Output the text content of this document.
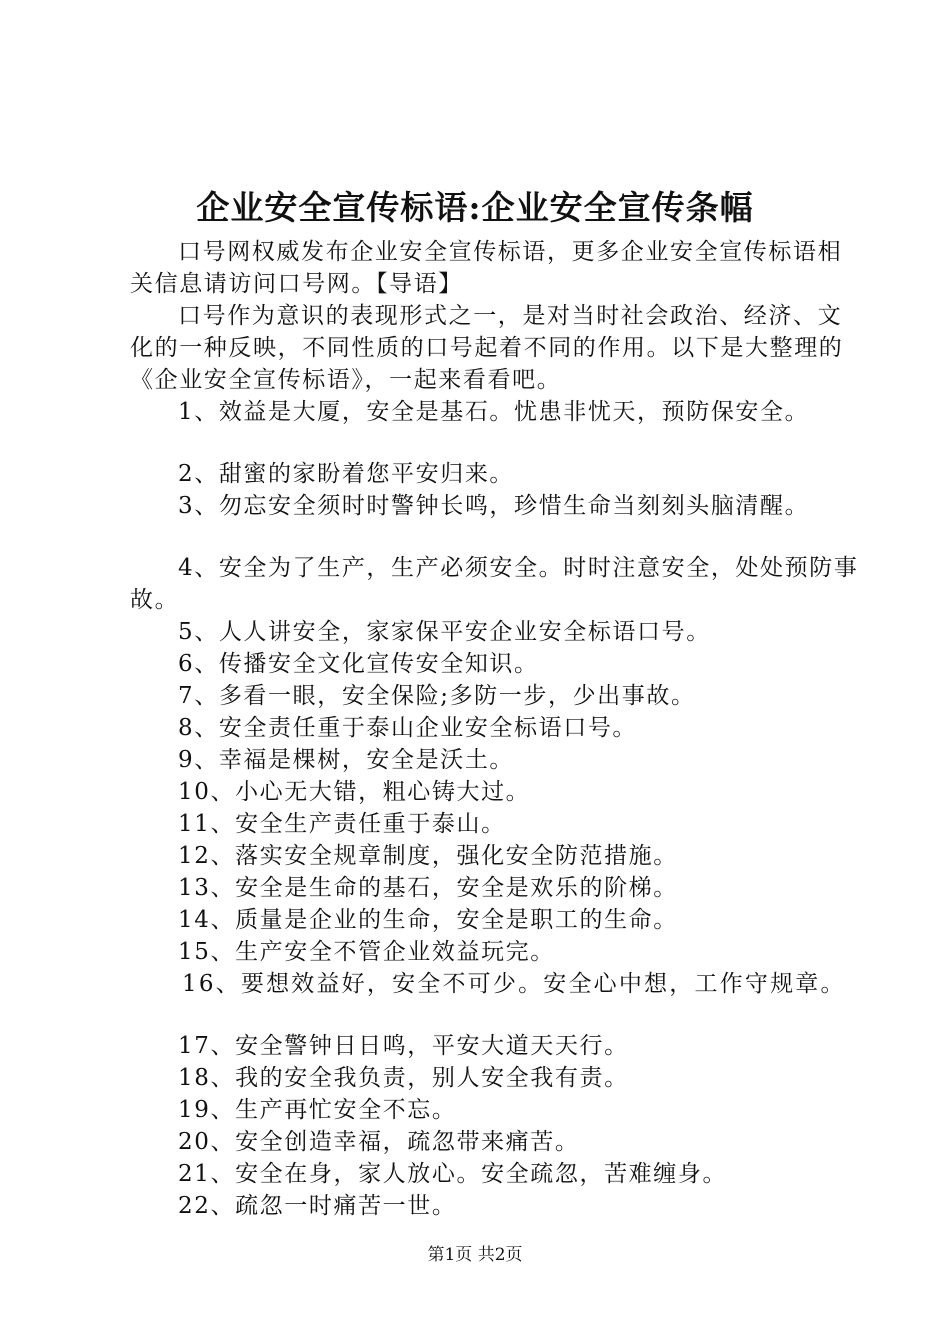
企业安全宣传标语:企业安全宣传条幅

口号网权威发布企业安全宣传标语，更多企业安全宣传标语相关信息请访问口号网。【导语】

口号作为意识的表现形式之一，是对当时社会政治、经济、文化的一种反映，不同性质的口号起着不同的作用。以下是大整理的《企业安全宣传标语》，一起来看看吧。

1、效益是大厦，安全是基石。忧患非忧天，预防保安全。

2、甜蜜的家盼着您平安归来。

3、勿忘安全须时时警钟长鸣，珍惜生命当刻刻头脑清醒。

4、安全为了生产，生产必须安全。时时注意安全，处处预防事故。

5、人人讲安全，家家保平安企业安全标语口号。

6、传播安全文化宣传安全知识。

7、多看一眼，安全保险;多防一步，少出事故。

8、安全责任重于泰山企业安全标语口号。

9、幸福是棵树，安全是沃土。

10、小心无大错，粗心铸大过。

11、安全生产责任重于泰山。

12、落实安全规章制度，强化安全防范措施。

13、安全是生命的基石，安全是欢乐的阶梯。

14、质量是企业的生命，安全是职工的生命。

15、生产安全不管企业效益玩完。

16、要想效益好，安全不可少。安全心中想，工作守规章。

17、安全警钟日日鸣，平安大道天天行。

18、我的安全我负责，别人安全我有责。

19、生产再忙安全不忘。

20、安全创造幸福，疏忽带来痛苦。

21、安全在身，家人放心。安全疏忽，苦难缠身。

22、疏忽一时痛苦一世。

第1页 共2页
